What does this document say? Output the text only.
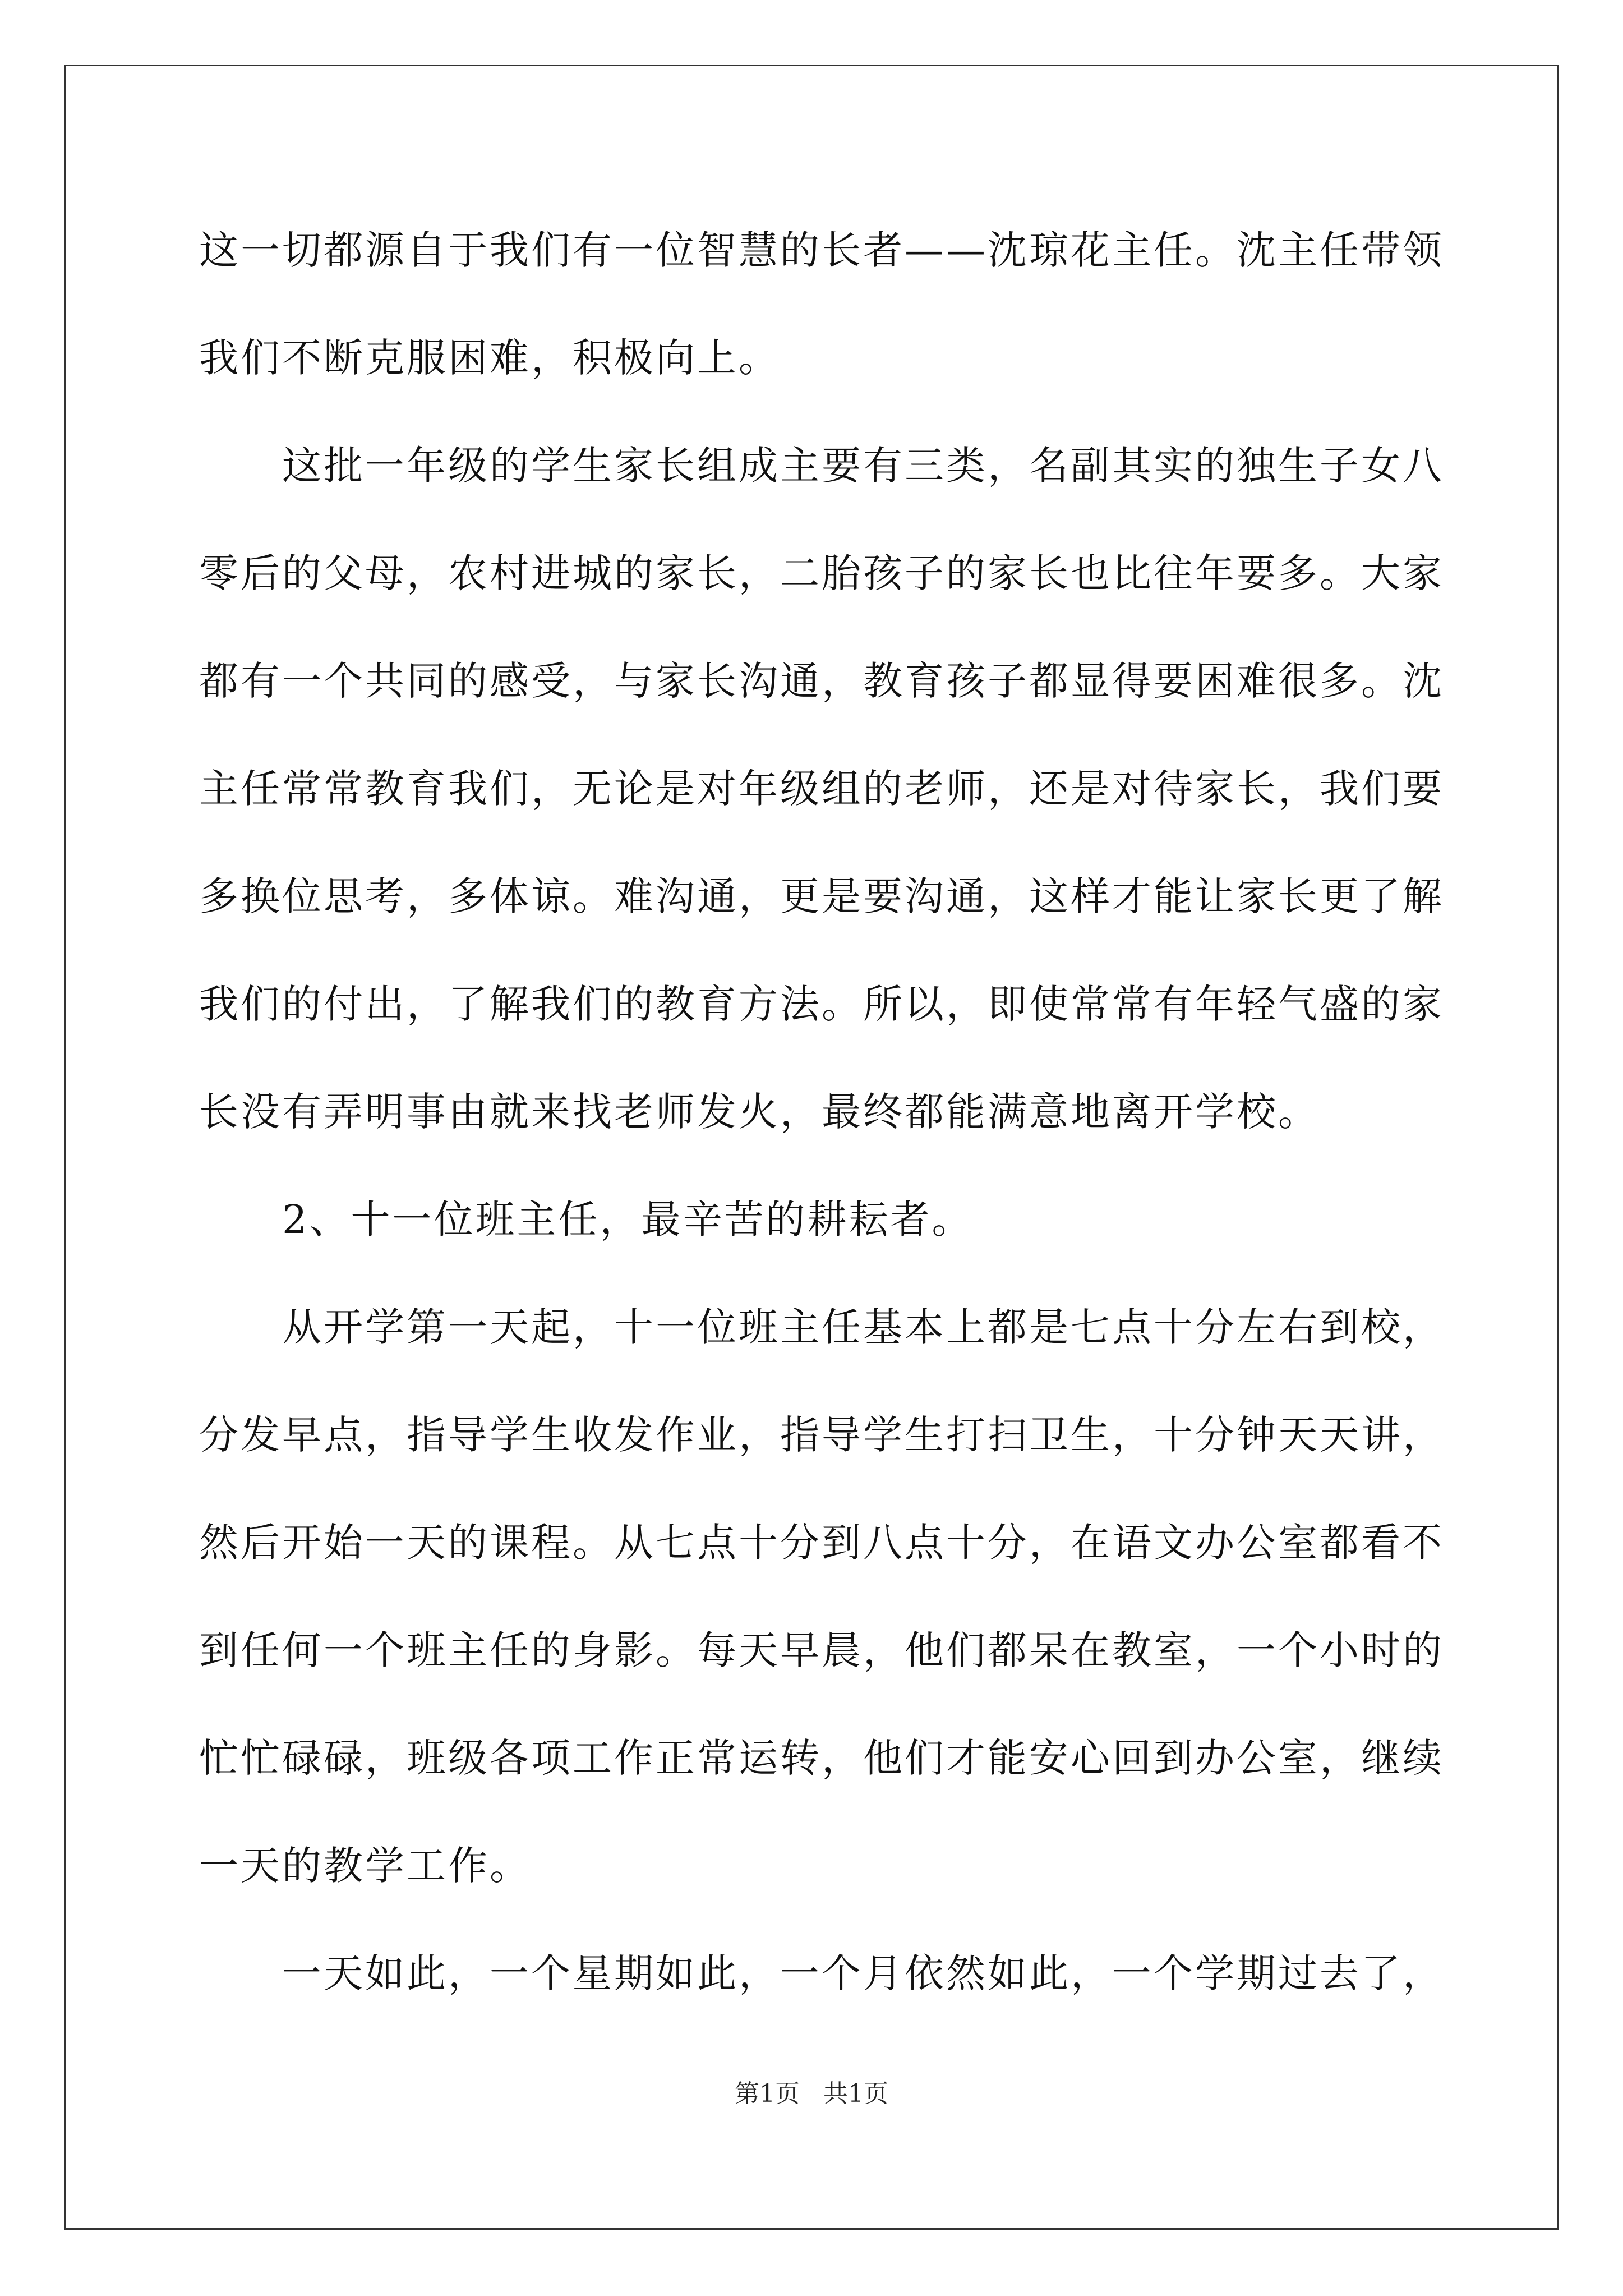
这一切都源自于我们有一位智慧的长者——沈琼花主任。沈主任带领
我们不断克服困难，积极向上。
　　这批一年级的学生家长组成主要有三类，名副其实的独生子女八
零后的父母，农村进城的家长，二胎孩子的家长也比往年要多。大家
都有一个共同的感受，与家长沟通，教育孩子都显得要困难很多。沈
主任常常教育我们，无论是对年级组的老师，还是对待家长，我们要
多换位思考，多体谅。难沟通，更是要沟通，这样才能让家长更了解
我们的付出，了解我们的教育方法。所以，即使常常有年轻气盛的家
长没有弄明事由就来找老师发火，最终都能满意地离开学校。
　　2、十一位班主任，最辛苦的耕耘者。
　　从开学第一天起，十一位班主任基本上都是七点十分左右到校，
分发早点，指导学生收发作业，指导学生打扫卫生，十分钟天天讲，
然后开始一天的课程。从七点十分到八点十分，在语文办公室都看不
到任何一个班主任的身影。每天早晨，他们都呆在教室，一个小时的
忙忙碌碌，班级各项工作正常运转，他们才能安心回到办公室，继续
一天的教学工作。
　　一天如此，一个星期如此，一个月依然如此，一个学期过去了，
第1页   共1页
